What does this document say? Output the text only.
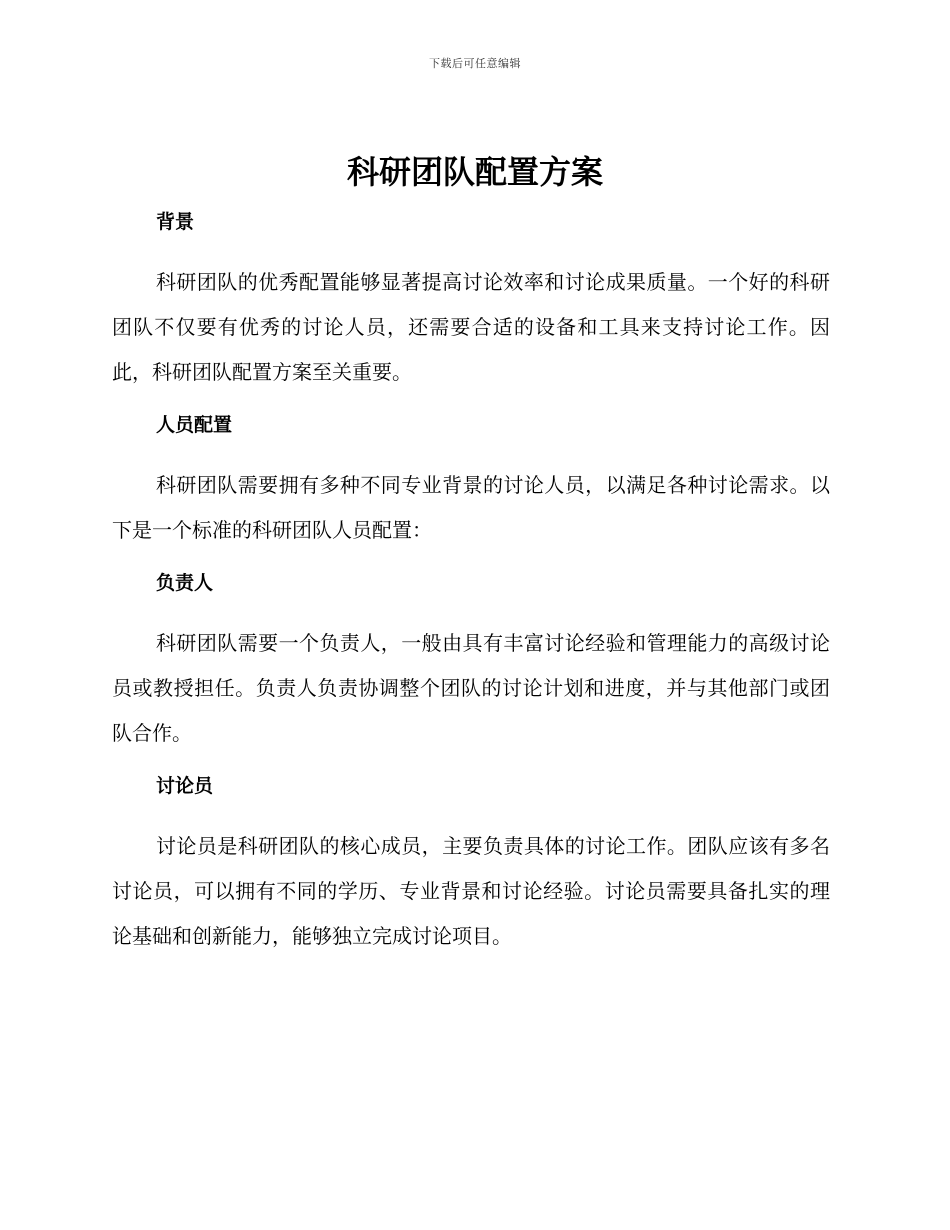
下载后可任意编辑
科研团队配置方案
背景

科研团队的优秀配置能够显著提高讨论效率和讨论成果质量。一个好的科研团队不仅要有优秀的讨论人员，还需要合适的设备和工具来支持讨论工作。因此，科研团队配置方案至关重要。

人员配置

科研团队需要拥有多种不同专业背景的讨论人员，以满足各种讨论需求。以下是一个标准的科研团队人员配置：

负责人

科研团队需要一个负责人，一般由具有丰富讨论经验和管理能力的高级讨论员或教授担任。负责人负责协调整个团队的讨论计划和进度，并与其他部门或团队合作。

讨论员

讨论员是科研团队的核心成员，主要负责具体的讨论工作。团队应该有多名讨论员，可以拥有不同的学历、专业背景和讨论经验。讨论员需要具备扎实的理论基础和创新能力，能够独立完成讨论项目。
